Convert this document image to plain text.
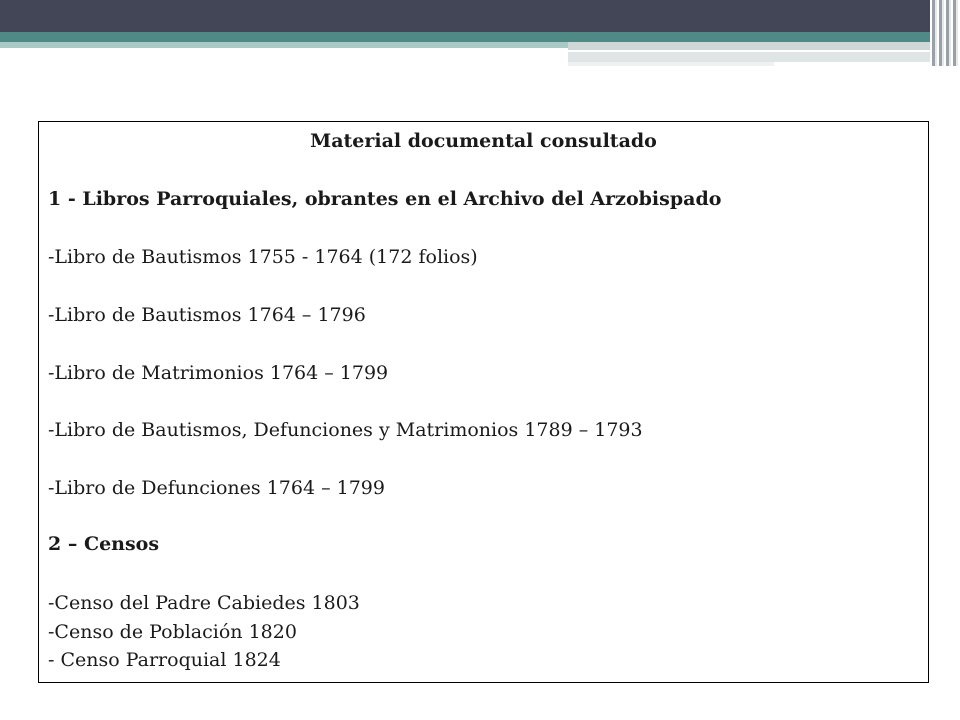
Material documental consultado
1 - Libros Parroquiales, obrantes en el Archivo del Arzobispado
-Libro de Bautismos 1755 - 1764 (172 folios)
-Libro de Bautismos 1764 – 1796
-Libro de Matrimonios 1764 – 1799
-Libro de Bautismos, Defunciones y Matrimonios 1789 – 1793
-Libro de Defunciones 1764 – 1799
2 – Censos
-Censo del Padre Cabiedes 1803
-Censo de Población 1820
- Censo Parroquial 1824
